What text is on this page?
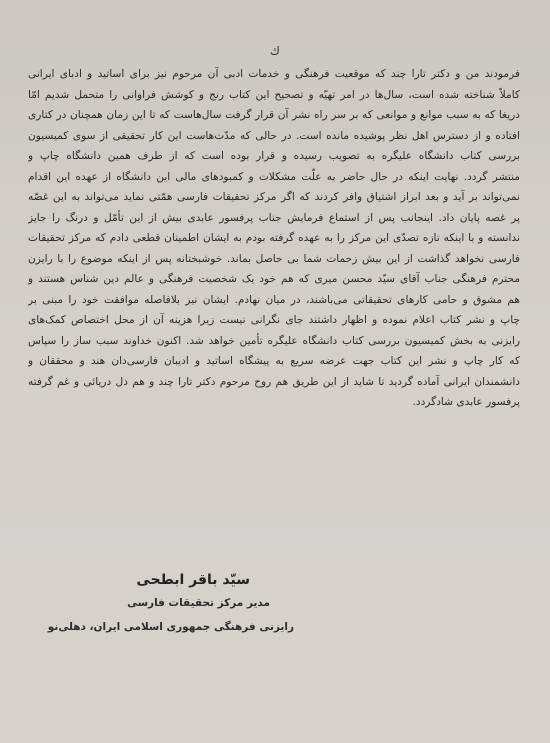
ك
فرمودند من و دکتر تارا چند که موقعیت فرهنگی و خدمات ادبی آن مرحوم نیز برای اساتید و ادبای ایرانی
کاملاً شناخته شده است، سال‌ها در امر تهیّه و تصحیح این کتاب رنج و کوشش فراوانی را متحمل شدیم امّا
دریغا که به سبب موانع و موانعی که بر سر راه نشر آن قرار گرفت سال‌هاست که تا این زمان همچنان در کتاری
افتاده و از دسترس اهل نظر پوشیده مانده است. در حالی که مدّت‌هاست این کار تحقیقی از سوی کمیسیون
بررسی کتاب دانشگاه علیگره به تصویب رسیده و قرار بوده است که از طرف همین دانشگاه چاپ و
منتشر گردد. نهایت اینکه در حال حاضر به علّت مشکلات و کمبودهای مالی این دانشگاه از عهده این اقدام
نمی‌تواند بر آید و بعد ابراز اشتیاق وافر کردند که اگر مرکز تحقیقات فارسی همّتی نماید می‌تواند به این غصّه
پر غصه پایان داد. اینجانب پس از استماع فرمایش جناب پرفسور عابدی بیش از این تأمّل و درنگ را جایز
ندانسته و با اینکه تازه تصدّی این مرکز را به عهده گرفته بودم به ایشان اطمینان قطعی دادم که مرکز تحقیقات
فارسی نخواهد گذاشت از این بیش زحمات شما بی حاصل بماند. خوشبختانه پس از اینکه موضوع را با رایزن
محترم فرهنگی جناب آقای سیّد محسن میری که هم خود یک شخصیت فرهنگی و عالم دین شناس هستند و
هم مشوق و حامی کارهای تحقیقاتی می‌باشند، در میان نهادم. ایشان نیز بلافاصله موافقت خود را مبنی بر
چاپ و نشر کتاب اعلام نموده و اظهار داشتند جای نگرانی نیست زیرا هزینه آن از محل اختصاص کمک‌های
رایزنی به بخش کمیسیون بررسی کتاب دانشگاه علیگره تأمین خواهد شد. اکنون خداوند سبب ساز را سپاس
که کار چاپ و نشر این کتاب جهت عرضه سریع به پیشگاه اساتید و ادیبان فارسی‌دان هند و محققان و
دانشمندان ایرانی آماده گردید تا شاید از این طریق هم روح مرحوم دکتر تارا چند و هم دل دریائی و غم گرفته
پرفسور عابدی شادگردد.
سیّد باقر ابطحی
مدیر مرکز تحقیقات فارسی
رایزنی فرهنگی جمهوری اسلامی ایران، دهلی‌نو
